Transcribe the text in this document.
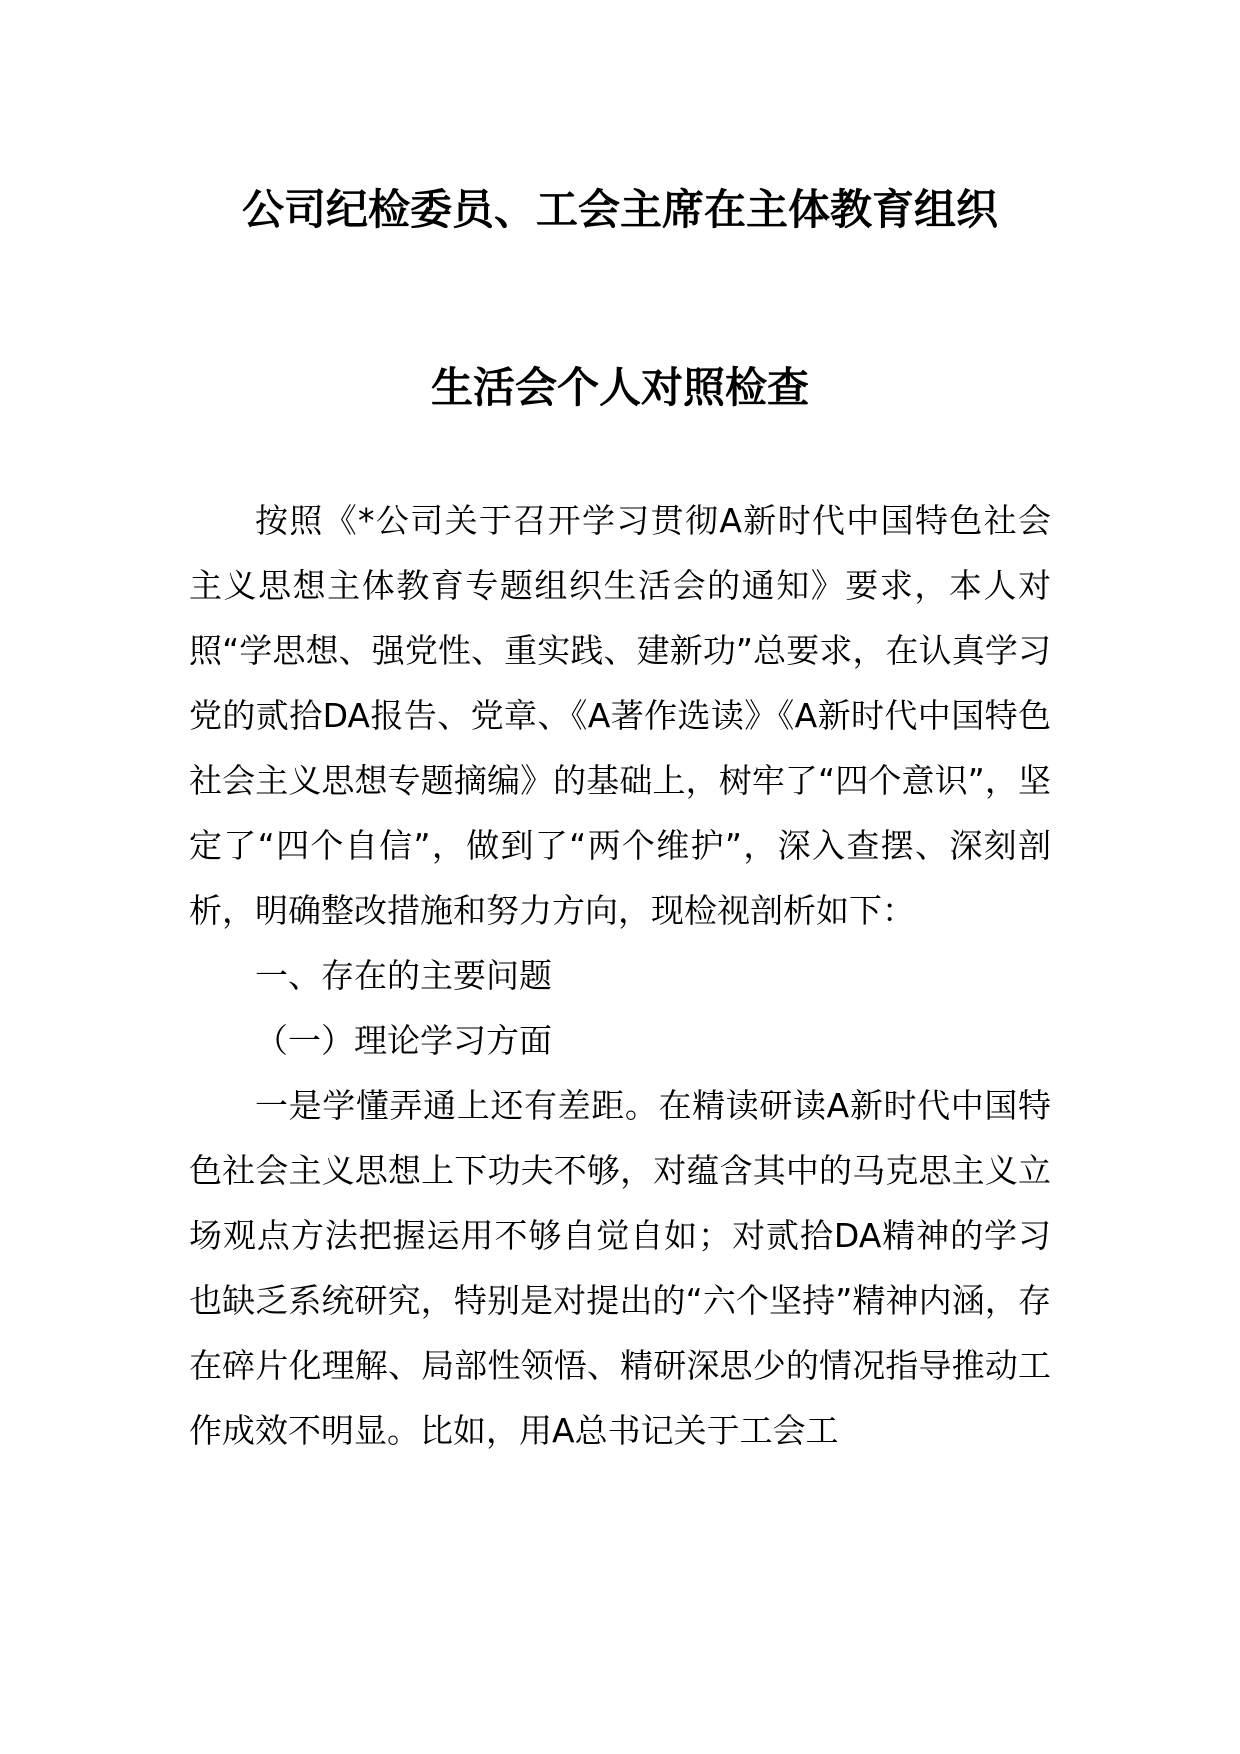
公司纪检委员、工会主席在主体教育组织
生活会个人对照检查

按照《*公司关于召开学习贯彻A新时代中国特色社会主义思想主体教育专题组织生活会的通知》要求，本人对照“学思想、强党性、重实践、建新功”总要求，在认真学习党的贰拾DA报告、党章、《A著作选读》《A新时代中国特色社会主义思想专题摘编》的基础上，树牢了“四个意识”，坚定了“四个自信”，做到了“两个维护”，深入查摆、深刻剖析，明确整改措施和努力方向，现检视剖析如下：

一、存在的主要问题

（一）理论学习方面

一是学懂弄通上还有差距。在精读研读A新时代中国特色社会主义思想上下功夫不够，对蕴含其中的马克思主义立场观点方法把握运用不够自觉自如；对贰拾DA精神的学习也缺乏系统研究，特别是对提出的“六个坚持”精神内涵，存在碎片化理解、局部性领悟、精研深思少的情况指导推动工作成效不明显。比如，用A总书记关于工会工
